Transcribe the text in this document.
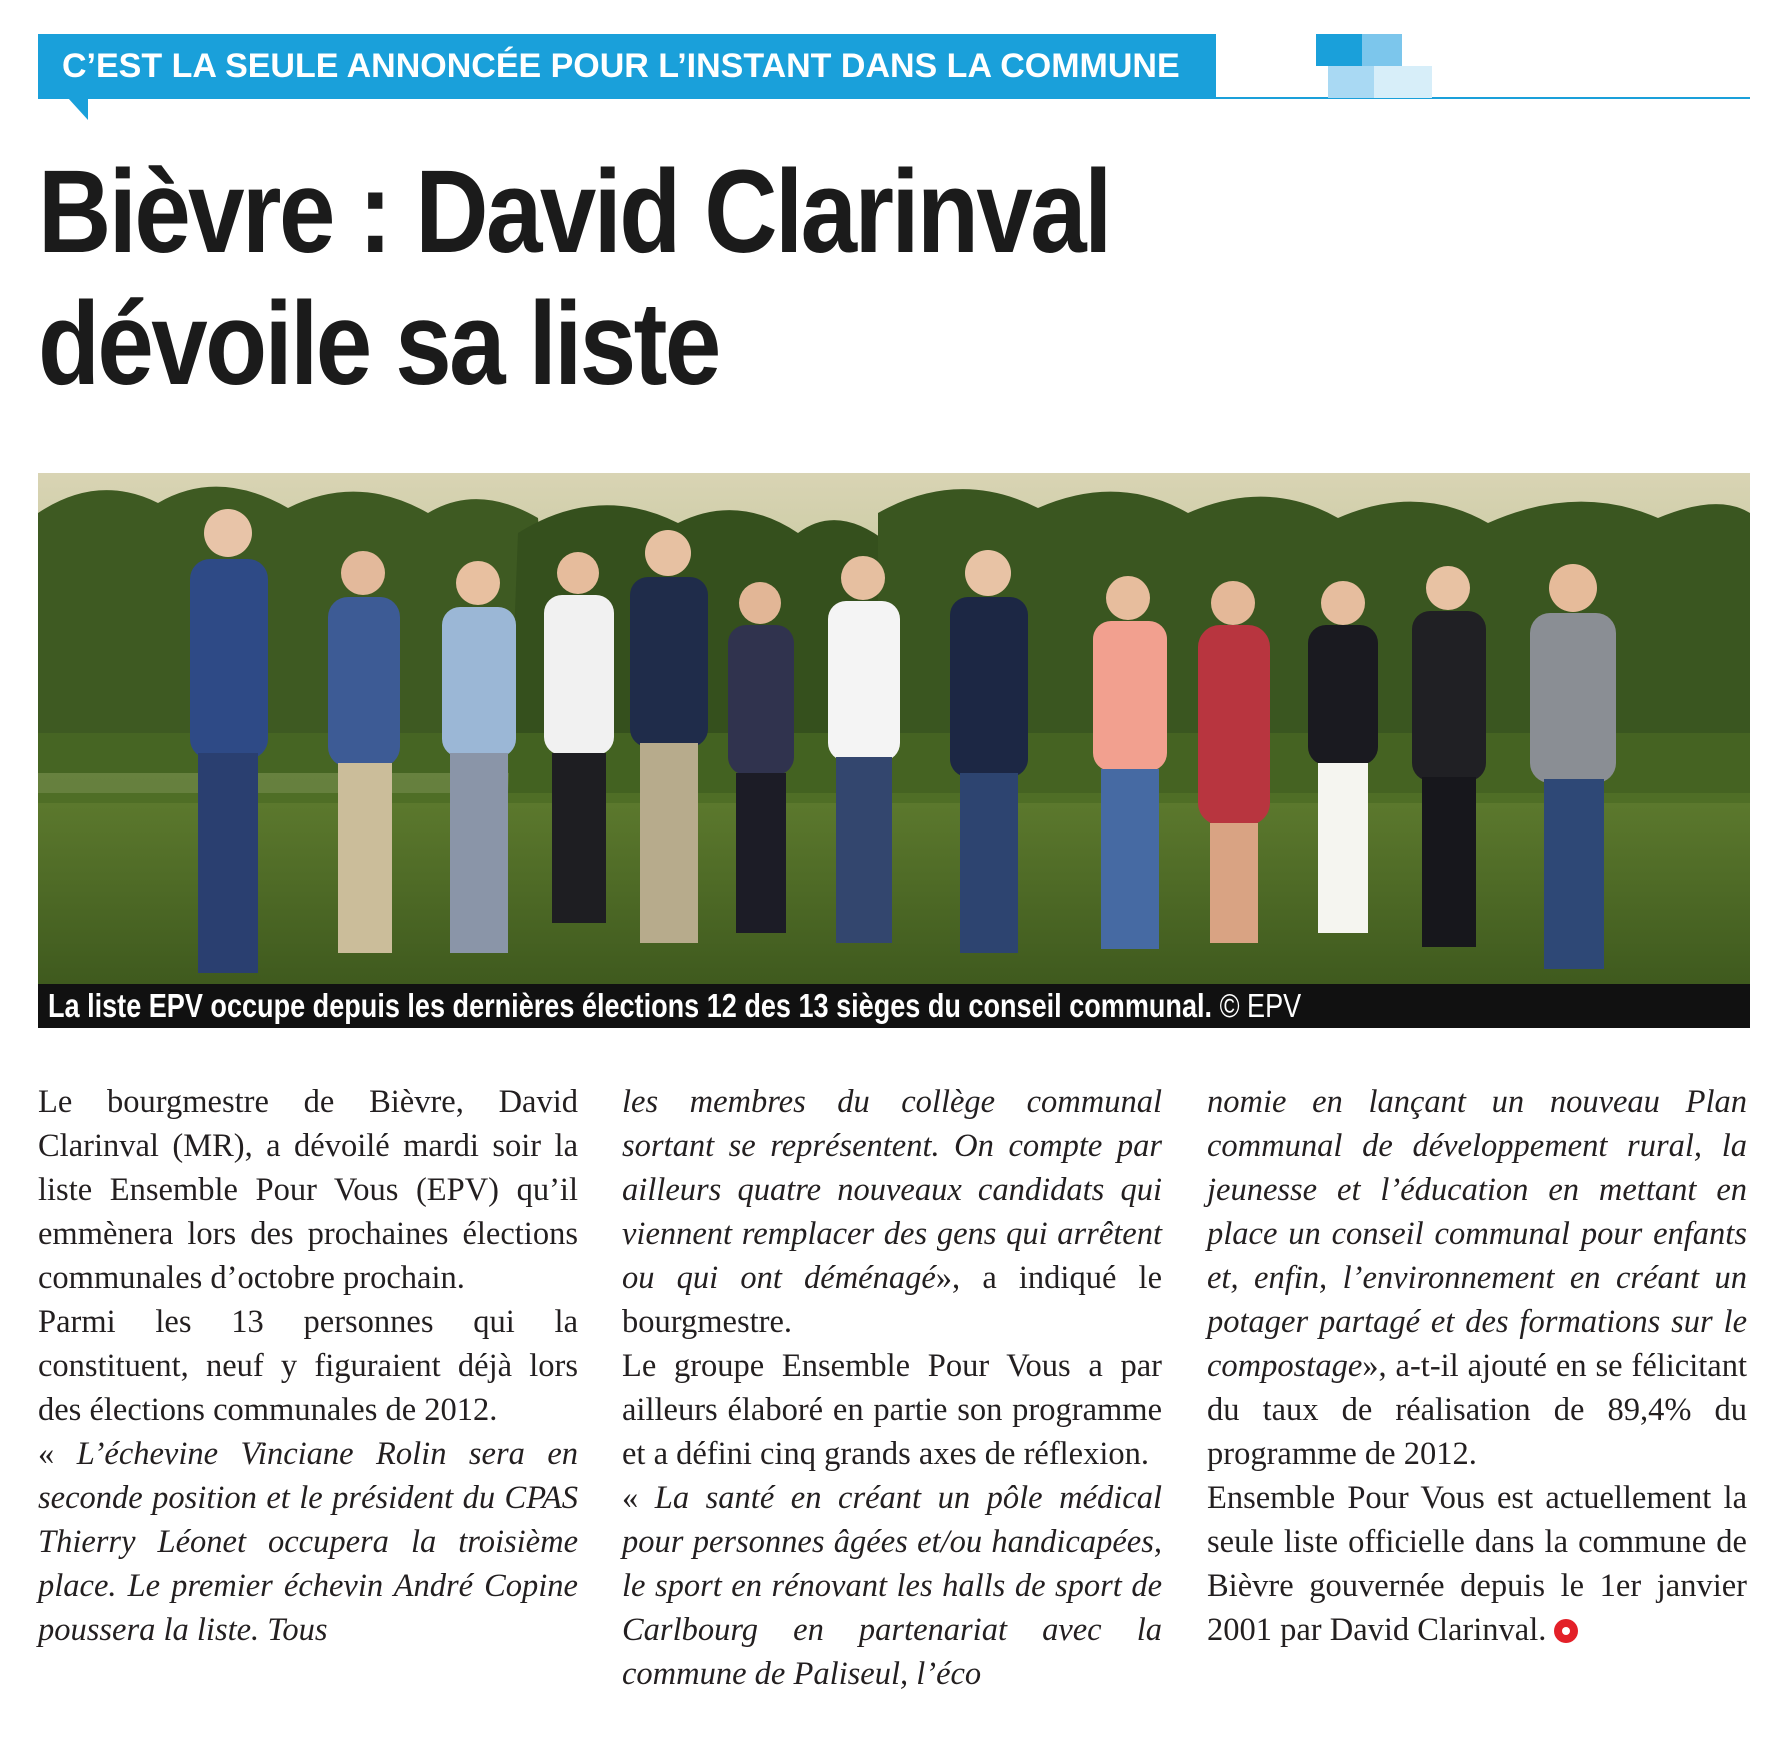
C’EST LA SEULE ANNONCÉE POUR L’INSTANT DANS LA COMMUNE
Bièvre : David Clarinval
dévoile sa liste
La liste EPV occupe depuis les dernières élections 12 des 13 sièges du conseil communal. © EPV

Le bourgmestre de Bièvre, David Clarinval (MR), a dévoilé mardi soir la liste Ensemble Pour Vous (EPV) qu’il emmènera lors des prochaines élections communales d’octobre prochain.

Parmi les 13 personnes qui la constituent, neuf y figuraient déjà lors des élections communales de 2012.

« L’échevine Vinciane Rolin sera en seconde position et le président du CPAS Thierry Léonet occupera la troisième place. Le premier échevin André Copine poussera la liste. Tous

les membres du collège communal sortant se représentent. On compte par ailleurs quatre nouveaux candidats qui viennent remplacer des gens qui arrêtent ou qui ont déménagé», a indiqué le bourgmestre.

Le groupe Ensemble Pour Vous a par ailleurs élaboré en partie son programme et a défini cinq grands axes de réflexion.

« La santé en créant un pôle médical pour personnes âgées et/ou handicapées, le sport en rénovant les halls de sport de Carlbourg en partenariat avec la commune de Paliseul, l’éco

nomie en lançant un nouveau Plan communal de développement rural, la jeunesse et l’éducation en mettant en place un conseil communal pour enfants et, enfin, l’environnement en créant un potager partagé et des formations sur le compostage», a-t-il ajouté en se félicitant du taux de réalisation de 89,4% du programme de 2012.

Ensemble Pour Vous est actuellement la seule liste officielle dans la commune de Bièvre gouvernée depuis le 1er janvier 2001 par David Clarinval.
